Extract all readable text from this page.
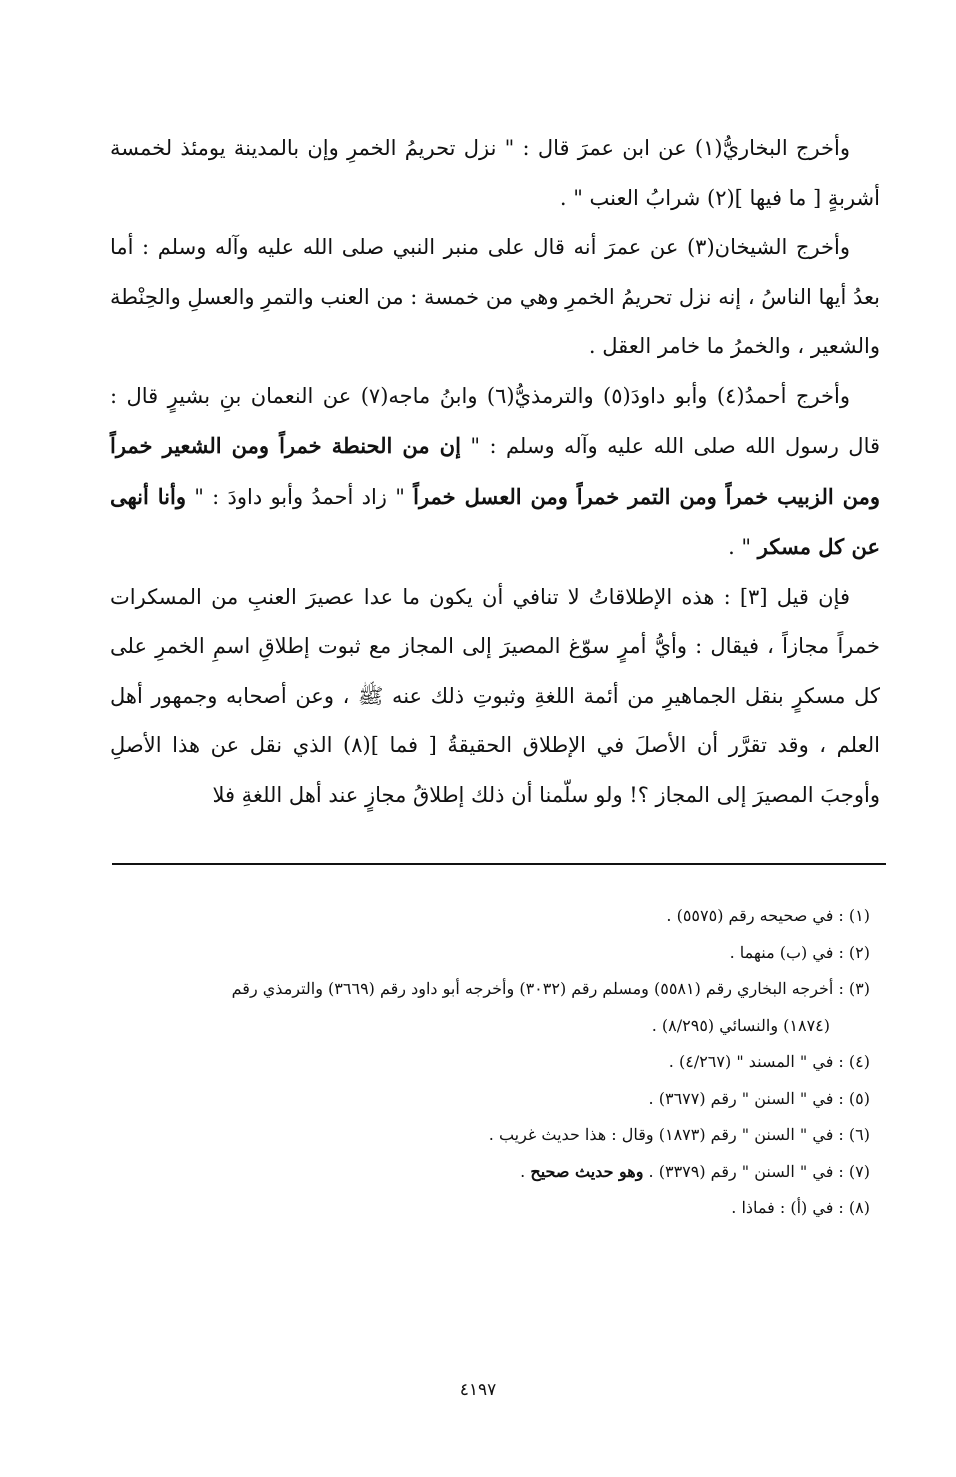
وأخرج البخاريُّ(١) عن ابن عمرَ قال : " نزل تحريمُ الخمرِ وإن بالمدينة يومئذ لخمسة أشربةٍ [ ما فيها ](٢) شرابُ العنب " .

وأخرج الشيخان(٣) عن عمرَ أنه قال على منبر النبي صلى الله عليه وآله وسلم : أما بعدُ أيها الناسُ ، إنه نزل تحريمُ الخمرِ وهي من خمسة : من العنب والتمرِ والعسلِ والحِنْطة والشعير ، والخمرُ ما خامر العقل .

وأخرج أحمدُ(٤) وأبو داودَ(٥) والترمذيُّ(٦) وابنُ ماجه(٧) عن النعمان بنِ بشيرٍ قال : قال رسول الله صلى الله عليه وآله وسلم : " إن من الحنطة خمراً ومن الشعير خمراً ومن الزبيب خمراً ومن التمر خمراً ومن العسل خمراً " زاد أحمدُ وأبو داودَ : " وأنا أنهى عن كل مسكر " .

فإن قيل [٣] : هذه الإطلاقاتُ لا تنافي أن يكون ما عدا عصيرَ العنبِ من المسكرات خمراً مجازاً ، فيقال : وأيُّ أمرٍ سوّغ المصيرَ إلى المجاز مع ثبوت إطلاقِ اسمِ الخمرِ على كل مسكرٍ بنقل الجماهيرِ من أئمة اللغةِ وثبوتِ ذلك عنه ﷺ ، وعن أصحابه وجمهور أهل العلم ، وقد تقرَّر أن الأصلَ في الإطلاق الحقيقةُ [ فما ](٨) الذي نقل عن هذا الأصلِ وأوجبَ المصيرَ إلى المجاز ؟! ولو سلّمنا أن ذلك إطلاقُ مجازٍ عند أهل اللغةِ فلا

(١) : في صحيحه رقم (٥٥٧٥) .

(٢) : في (ب) منهما .

(٣) : أخرجه البخاري رقم (٥٥٨١) ومسلم رقم (٣٠٣٢) وأخرجه أبو داود رقم (٣٦٦٩) والترمذي رقم

(١٨٧٤) والنسائي (٨/٢٩٥) .

(٤) : في " المسند " (٤/٢٦٧) .

(٥) : في " السنن " رقم (٣٦٧٧) .

(٦) : في " السنن " رقم (١٨٧٣) وقال : هذا حديث غريب .

(٧) : في " السنن " رقم (٣٣٧٩) . وهو حديث صحيح .

(٨) : في (أ) : فماذا .

٤١٩٧
